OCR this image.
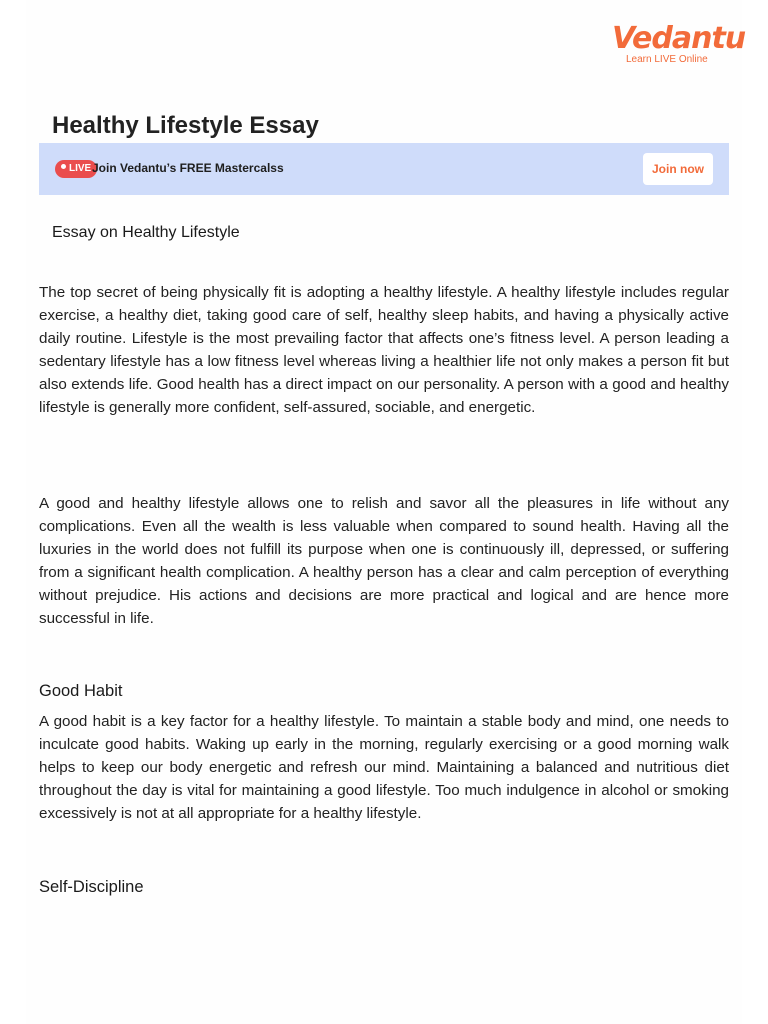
Vedantu
Learn LIVE Online
Healthy Lifestyle Essay
LIVE Join Vedantu’s FREE Mastercalss	Join now
Essay on Healthy Lifestyle

The top secret of being physically fit is adopting a healthy lifestyle. A healthy lifestyle includes regular exercise, a healthy diet, taking good care of self, healthy sleep habits, and having a physically active daily routine. Lifestyle is the most prevailing factor that affects one’s fitness level. A person leading a sedentary lifestyle has a low fitness level whereas living a healthier life not only makes a person fit but also extends life. Good health has a direct impact on our personality. A person with a good and healthy lifestyle is generally more confident, self-assured, sociable, and energetic.

A good and healthy lifestyle allows one to relish and savor all the pleasures in life without any complications. Even all the wealth is less valuable when compared to sound health. Having all the luxuries in the world does not fulfill its purpose when one is continuously ill, depressed, or suffering from a significant health complication. A healthy person has a clear and calm perception of everything without prejudice. His actions and decisions are more practical and logical and are hence more successful in life.

Good Habit

A good habit is a key factor for a healthy lifestyle. To maintain a stable body and mind, one needs to inculcate good habits. Waking up early in the morning, regularly exercising or a good morning walk helps to keep our body energetic and refresh our mind. Maintaining a balanced and nutritious diet throughout the day is vital for maintaining a good lifestyle. Too much indulgence in alcohol or smoking excessively is not at all appropriate for a healthy lifestyle.

Self-Discipline
